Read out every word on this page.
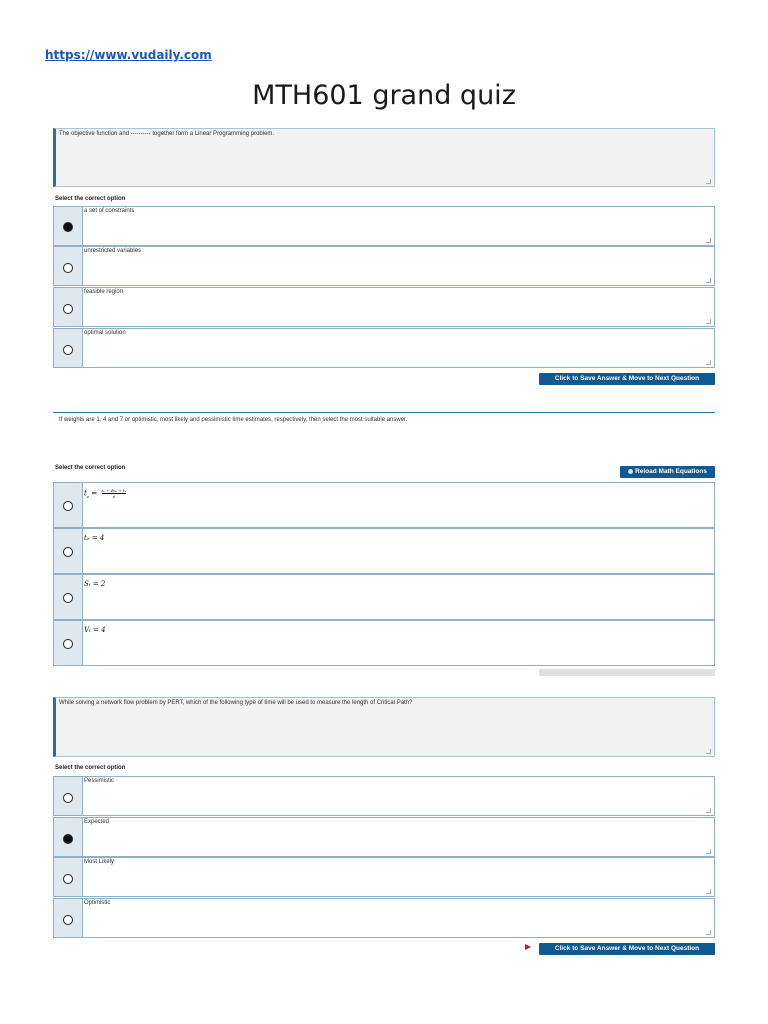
https://www.vudaily.com
MTH601 grand quiz
The objective function and ---------- together form a Linear Programming problem.
Select the correct option
a set of constraints
unrestricted variables
feasible region
optimal solution
Click to Save Answer & Move to Next Question
If weights are 1, 4 and 7 or optimistic, most likely and pessimistic time estimates, respectively, then select the most suitable answer.
Select the correct option	Reload Math Equations
$t_e = \frac{\text{tₐ + 4tₘ + tₚ}}{6}$
tₑ = 4
Sₜ = 2
Vₜ = 4
While solving a network flow problem by PERT, which of the following type of time will be used to measure the length of Critical Path?
Select the correct option
Pessimistic
Expected
Most Likely
Optimistic
Click to Save Answer & Move to Next Question
